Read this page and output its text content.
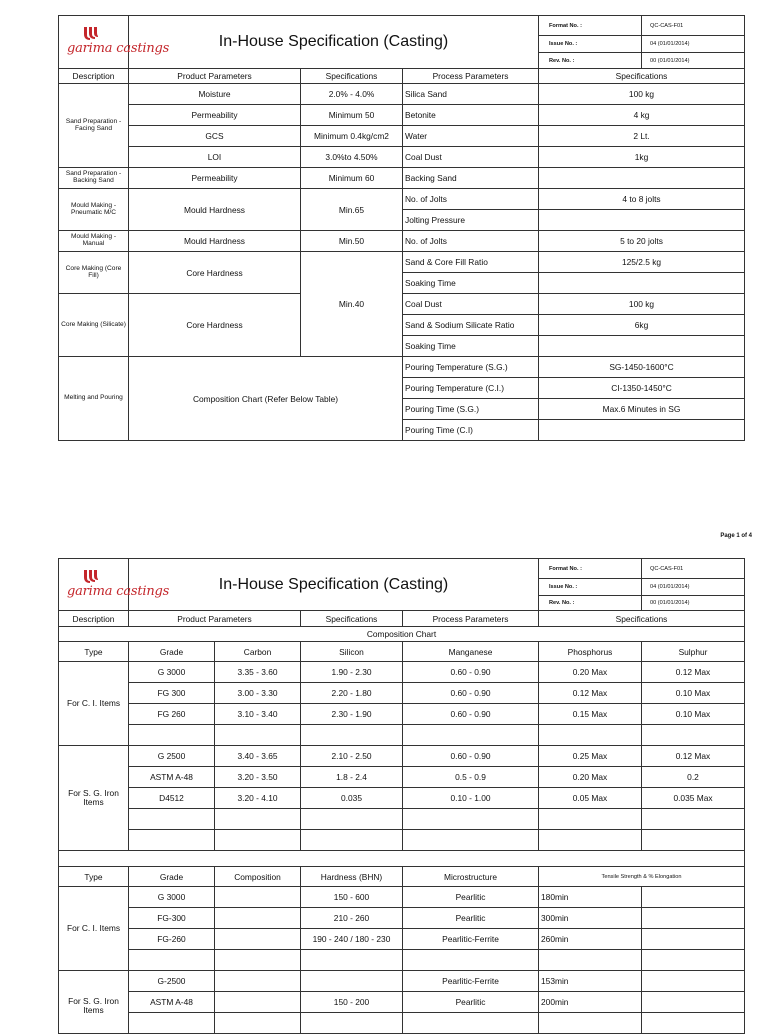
garima castings	In-House Specification (Casting)			Format No. :	QC-CAS-F01
				Issue No. :	04 (01/01/2014)
				Rev. No. :	00 (01/01/2014)
Description	Product Parameters	Specifications	Process Parameters	Specifications	
Sand Preparation - Facing Sand	Moisture	2.0% - 4.0%	Silica Sand	100 kg	
	Permeability	Minimum 50	Betonite	4 kg	
	GCS	Minimum 0.4kg/cm2	Water	2 Lt.	
	LOI	3.0%to 4.50%	Coal Dust	1kg	
Sand Preparation - Backing Sand	Permeability	Minimum 60	Backing Sand		
Mould Making - Pneumatic M/C	Mould Hardness	Min.65	No. of Jolts	4 to 8 jolts	
			Jolting Pressure		
Mould Making - Manual	Mould Hardness	Min.50	No. of Jolts	5 to 20 jolts	
Core Making (Core Fill)	Core Hardness	Min.40	Sand & Core Fill Ratio	125/2.5 kg	
			Soaking Time		
Core Making (Silicate)	Core Hardness		Coal Dust	100 kg	
			Sand & Sodium Silicate Ratio	6kg	
			Soaking Time		
Melting and Pouring	Composition Chart (Refer Below Table)		Pouring Temperature (S.G.)	SG-1450-1600°C	
			Pouring Temperature (C.I.)	CI-1350-1450°C	
			Pouring Time (S.G.)	Max.6 Minutes in SG	
			Pouring Time (C.I)		
Page 1 of 4
garima castings	In-House Specification (Casting)				Format No. :	QC-CAS-F01
					Issue No. :	04 (01/01/2014)
					Rev. No. :	00 (01/01/2014)
Description	Product Parameters		Specifications	Process Parameters	Specifications	
Composition Chart						
Type	Grade	Carbon	Silicon	Manganese	Phosphorus	Sulphur
For C. I. Items	G 3000	3.35 - 3.60	1.90 - 2.30	0.60 - 0.90	0.20 Max	0.12 Max
	FG 300	3.00 - 3.30	2.20 - 1.80	0.60 - 0.90	0.12 Max	0.10 Max
	FG 260	3.10 - 3.40	2.30 - 1.90	0.60 - 0.90	0.15 Max	0.10 Max

For S. G. Iron Items	G 2500	3.40 - 3.65	2.10 - 2.50	0.60 - 0.90	0.25 Max	0.12 Max
	ASTM A-48	3.20 - 3.50	1.8 - 2.4	0.5 - 0.9	0.20 Max	0.2
	D4512	3.20 - 4.10	0.035	0.10 - 1.00	0.05 Max	0.035 Max

Type	Grade	Composition	Hardness (BHN)	Microstructure	Tensile Strength & % Elongation	
For C. I. Items	G 3000		150 - 600	Pearlitic	180min	
	FG-300		210 - 260	Pearlitic	300min	
	FG-260		190 - 240 / 180 - 230	Pearlitic-Ferrite	260min	

For S. G. Iron Items	G-2500			Pearlitic-Ferrite	153min	
	ASTM A-48		150 - 200	Pearlitic	200min	
